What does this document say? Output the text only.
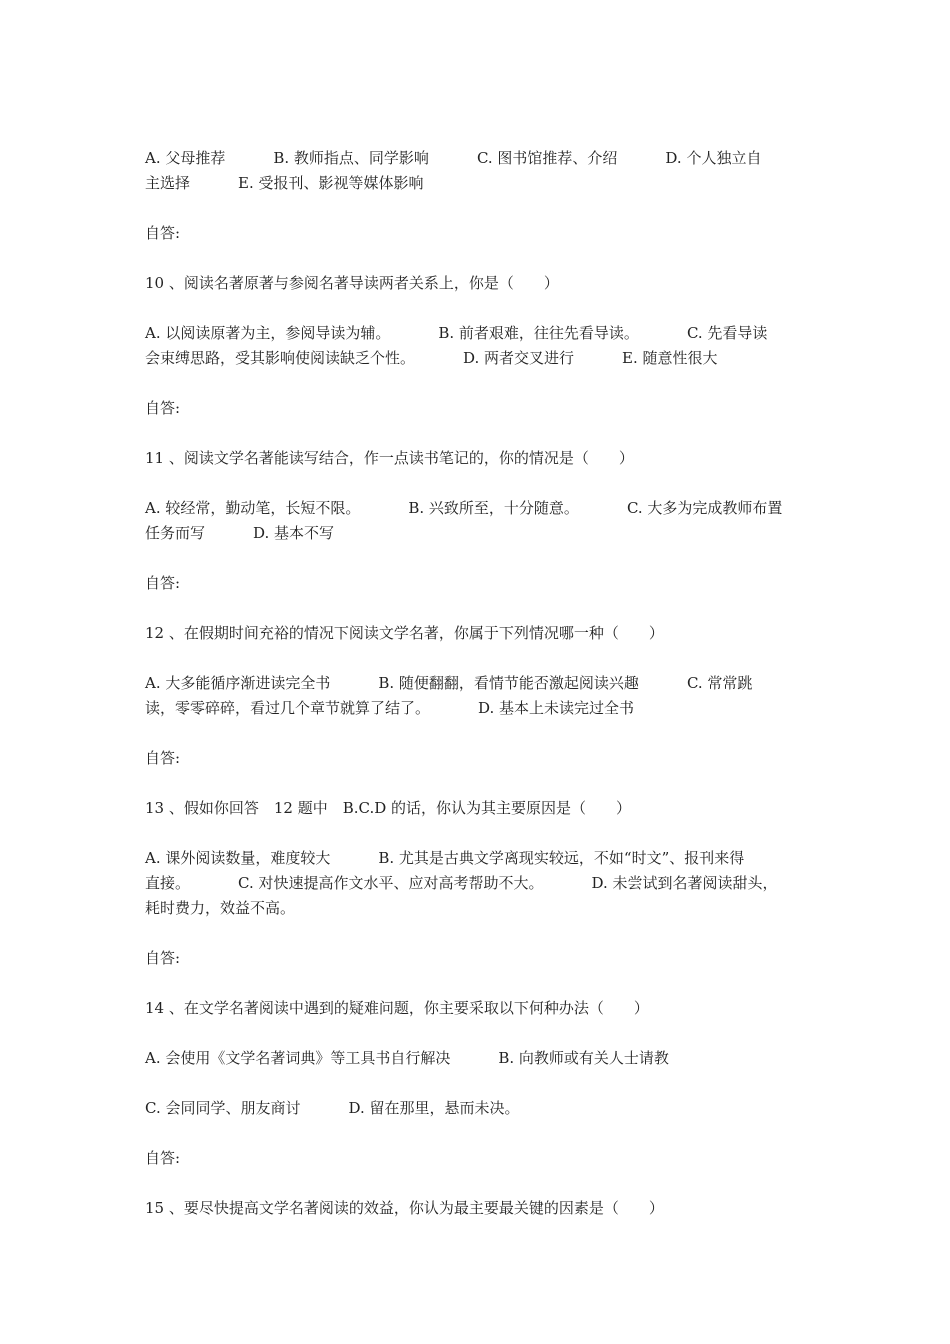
A. 父母推荐	B. 教师指点、同学影响	C. 图书馆推荐、介绍	D. 个人独立自
主选择	E. 受报刊、影视等媒体影响
自答:
10 、阅读名著原著与参阅名著导读两者关系上，你是（　　）
A. 以阅读原著为主，参阅导读为辅。	B. 前者艰难，往往先看导读。	C. 先看导读
会束缚思路，受其影响使阅读缺乏个性。	D. 两者交叉进行	E. 随意性很大
自答:
11 、阅读文学名著能读写结合，作一点读书笔记的，你的情况是（　　）
A. 较经常，勤动笔，长短不限。	B. 兴致所至，十分随意。	C. 大多为完成教师布置
任务而写	D. 基本不写
自答:
12 、在假期时间充裕的情况下阅读文学名著，你属于下列情况哪一种（　　）
A. 大多能循序渐进读完全书	B. 随便翻翻，看情节能否激起阅读兴趣	C. 常常跳
读，零零碎碎，看过几个章节就算了结了。	D. 基本上未读完过全书
自答:
13 、假如你回答　12 题中　B.C.D 的话，你认为其主要原因是（　　）
A. 课外阅读数量，难度较大	B. 尤其是古典文学离现实较远，不如“时文”、报刊来得
直接。	C. 对快速提高作文水平、应对高考帮助不大。	D. 未尝试到名著阅读甜头，
耗时费力，效益不高。
自答:
14 、在文学名著阅读中遇到的疑难问题，你主要采取以下何种办法（　　）
A. 会使用《文学名著词典》等工具书自行解决	B. 向教师或有关人士请教
C. 会同同学、朋友商讨	D. 留在那里，悬而未决。
自答:
15 、要尽快提高文学名著阅读的效益，你认为最主要最关键的因素是（　　）
